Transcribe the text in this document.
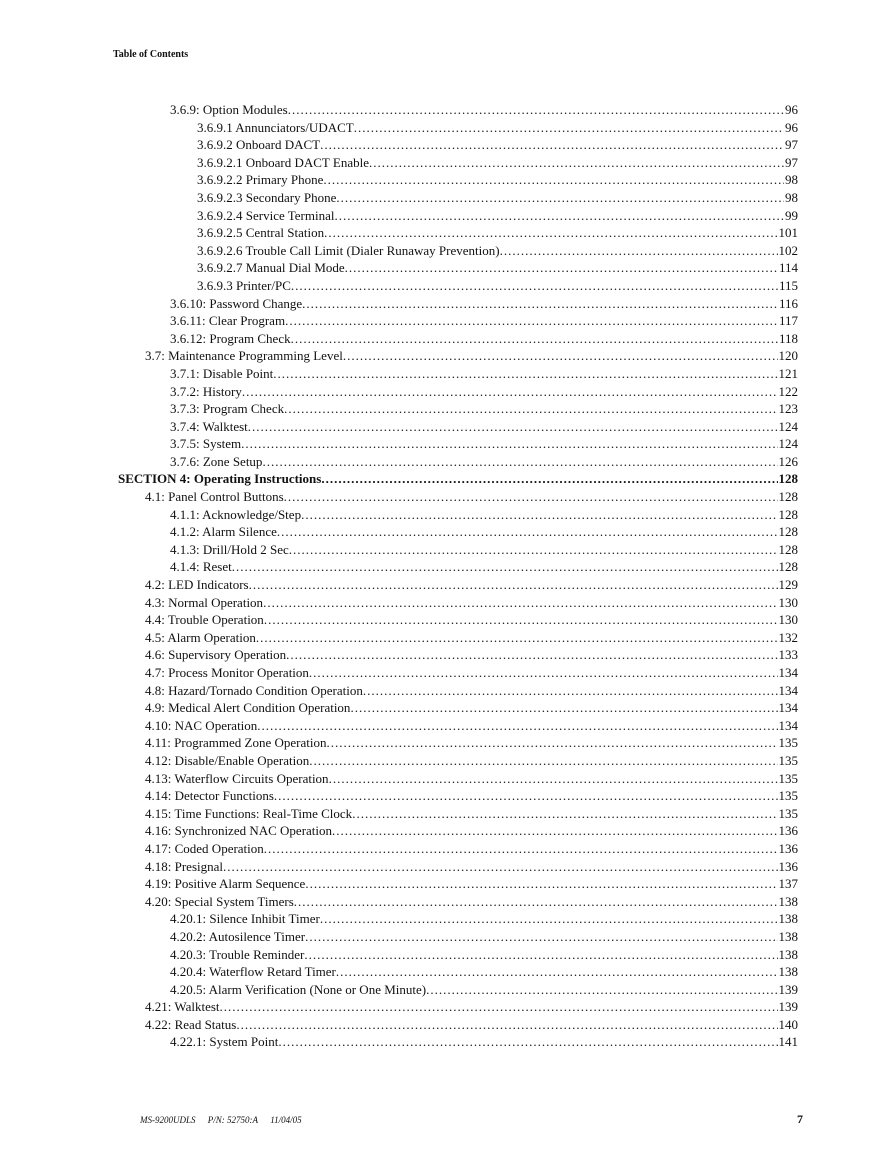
Table of Contents
3.6.9: Option Modules .....	96
3.6.9.1 Annunciators/UDACT .....	96
3.6.9.2 Onboard DACT .....	97
3.6.9.2.1 Onboard DACT Enable .....	97
3.6.9.2.2 Primary Phone .....	98
3.6.9.2.3 Secondary Phone .....	98
3.6.9.2.4 Service Terminal .....	99
3.6.9.2.5 Central Station .....	101
3.6.9.2.6 Trouble Call Limit (Dialer Runaway Prevention) .....	102
3.6.9.2.7 Manual Dial Mode .....	114
3.6.9.3 Printer/PC .....	115
3.6.10: Password Change .....	116
3.6.11: Clear Program .....	117
3.6.12: Program Check .....	118
3.7: Maintenance Programming Level .....	120
3.7.1: Disable Point .....	121
3.7.2: History .....	122
3.7.3: Program Check .....	123
3.7.4: Walktest .....	124
3.7.5: System .....	124
3.7.6: Zone Setup .....	126
SECTION 4: Operating Instructions .....	128
4.1: Panel Control Buttons .....	128
4.1.1: Acknowledge/Step .....	128
4.1.2: Alarm Silence .....	128
4.1.3: Drill/Hold 2 Sec .....	128
4.1.4: Reset .....	128
4.2: LED Indicators .....	129
4.3: Normal Operation .....	130
4.4: Trouble Operation .....	130
4.5: Alarm Operation .....	132
4.6: Supervisory Operation .....	133
4.7: Process Monitor Operation .....	134
4.8: Hazard/Tornado Condition Operation .....	134
4.9: Medical Alert Condition Operation .....	134
4.10: NAC Operation .....	134
4.11: Programmed Zone Operation .....	135
4.12: Disable/Enable Operation .....	135
4.13: Waterflow Circuits Operation .....	135
4.14: Detector Functions .....	135
4.15: Time Functions: Real-Time Clock .....	135
4.16: Synchronized NAC Operation .....	136
4.17: Coded Operation .....	136
4.18: Presignal .....	136
4.19: Positive Alarm Sequence .....	137
4.20: Special System Timers .....	138
4.20.1: Silence Inhibit Timer .....	138
4.20.2: Autosilence Timer .....	138
4.20.3: Trouble Reminder .....	138
4.20.4: Waterflow Retard Timer .....	138
4.20.5: Alarm Verification (None or One Minute) .....	139
4.21: Walktest .....	139
4.22: Read Status .....	140
4.22.1: System Point .....	141
MS-9200UDLS P/N: 52750:A 11/04/05	7
